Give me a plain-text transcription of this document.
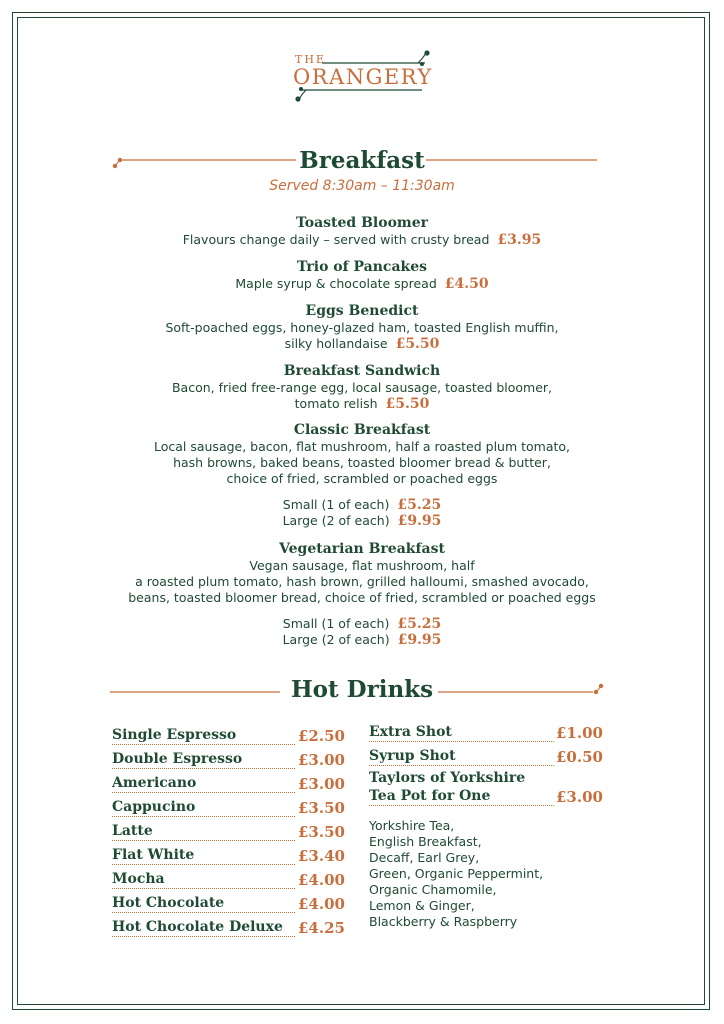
THE
ORANGERY
Breakfast
Served 8:30am – 11:30am
Toasted Bloomer
Flavours change daily – served with crusty bread £3.95
Trio of Pancakes
Maple syrup & chocolate spread £4.50
Eggs Benedict
Soft-poached eggs, honey-glazed ham, toasted English muffin,
silky hollandaise £5.50
Breakfast Sandwich
Bacon, fried free-range egg, local sausage, toasted bloomer,
tomato relish £5.50
Classic Breakfast
Local sausage, bacon, flat mushroom, half a roasted plum tomato,
hash browns, baked beans, toasted bloomer bread & butter,
choice of fried, scrambled or poached eggs
Small (1 of each) £5.25
Large (2 of each) £9.95
Vegetarian Breakfast
Vegan sausage, flat mushroom, half
a roasted plum tomato, hash brown, grilled halloumi, smashed avocado,
beans, toasted bloomer bread, choice of fried, scrambled or poached eggs
Small (1 of each) £5.25
Large (2 of each) £9.95
Hot Drinks
Single Espresso	£2.50
Double Espresso	£3.00
Americano	£3.00
Cappucino	£3.50
Latte	£3.50
Flat White	£3.40
Mocha	£4.00
Hot Chocolate	£4.00
Hot Chocolate Deluxe £4.25
Extra Shot	£1.00
Syrup Shot	£0.50
Taylors of Yorkshire
Tea Pot for One	£3.00
Yorkshire Tea,
English Breakfast,
Decaff, Earl Grey,
Green, Organic Peppermint,
Organic Chamomile,
Lemon & Ginger,
Blackberry & Raspberry
